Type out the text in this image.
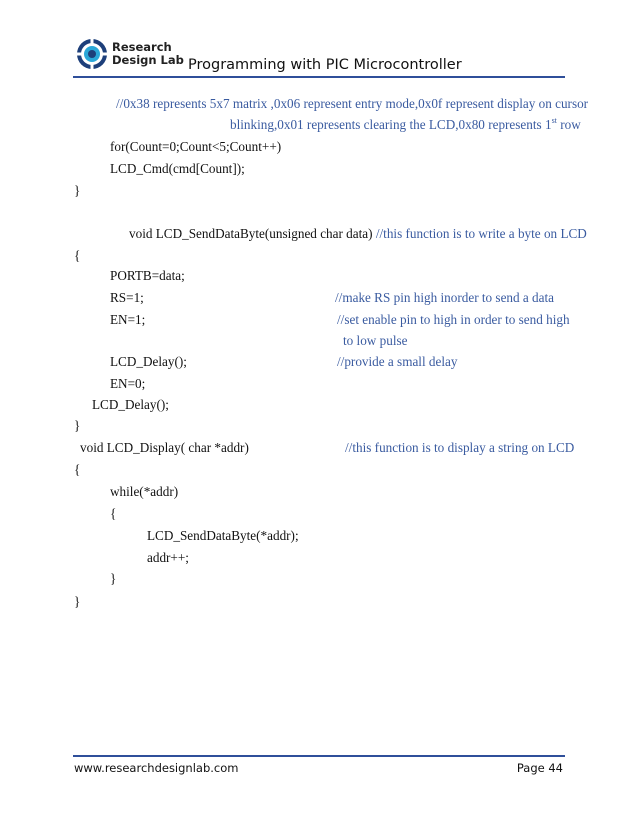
Research
Design Lab Programming with PIC Microcontroller
//0x38 represents 5x7 matrix ,0x06 represent entry mode,0x0f represent display on cursor
blinking,0x01 represents clearing the LCD,0x80 represents 1st row
for(Count=0;Count<5;Count++)
LCD_Cmd(cmd[Count]);
}
void LCD_SendDataByte(unsigned char data) //this function is to write a byte on LCD
{
PORTB=data;
RS=1;	//make RS pin high inorder to send a data
EN=1;	//set enable pin to high in order to send high
to low pulse
LCD_Delay();	//provide a small delay
EN=0;
LCD_Delay();
}
void LCD_Display( char *addr)	//this function is to display a string on LCD
{
while(*addr)
{
LCD_SendDataByte(*addr);
addr++;
}
}
www.researchdesignlab.com	Page 44
